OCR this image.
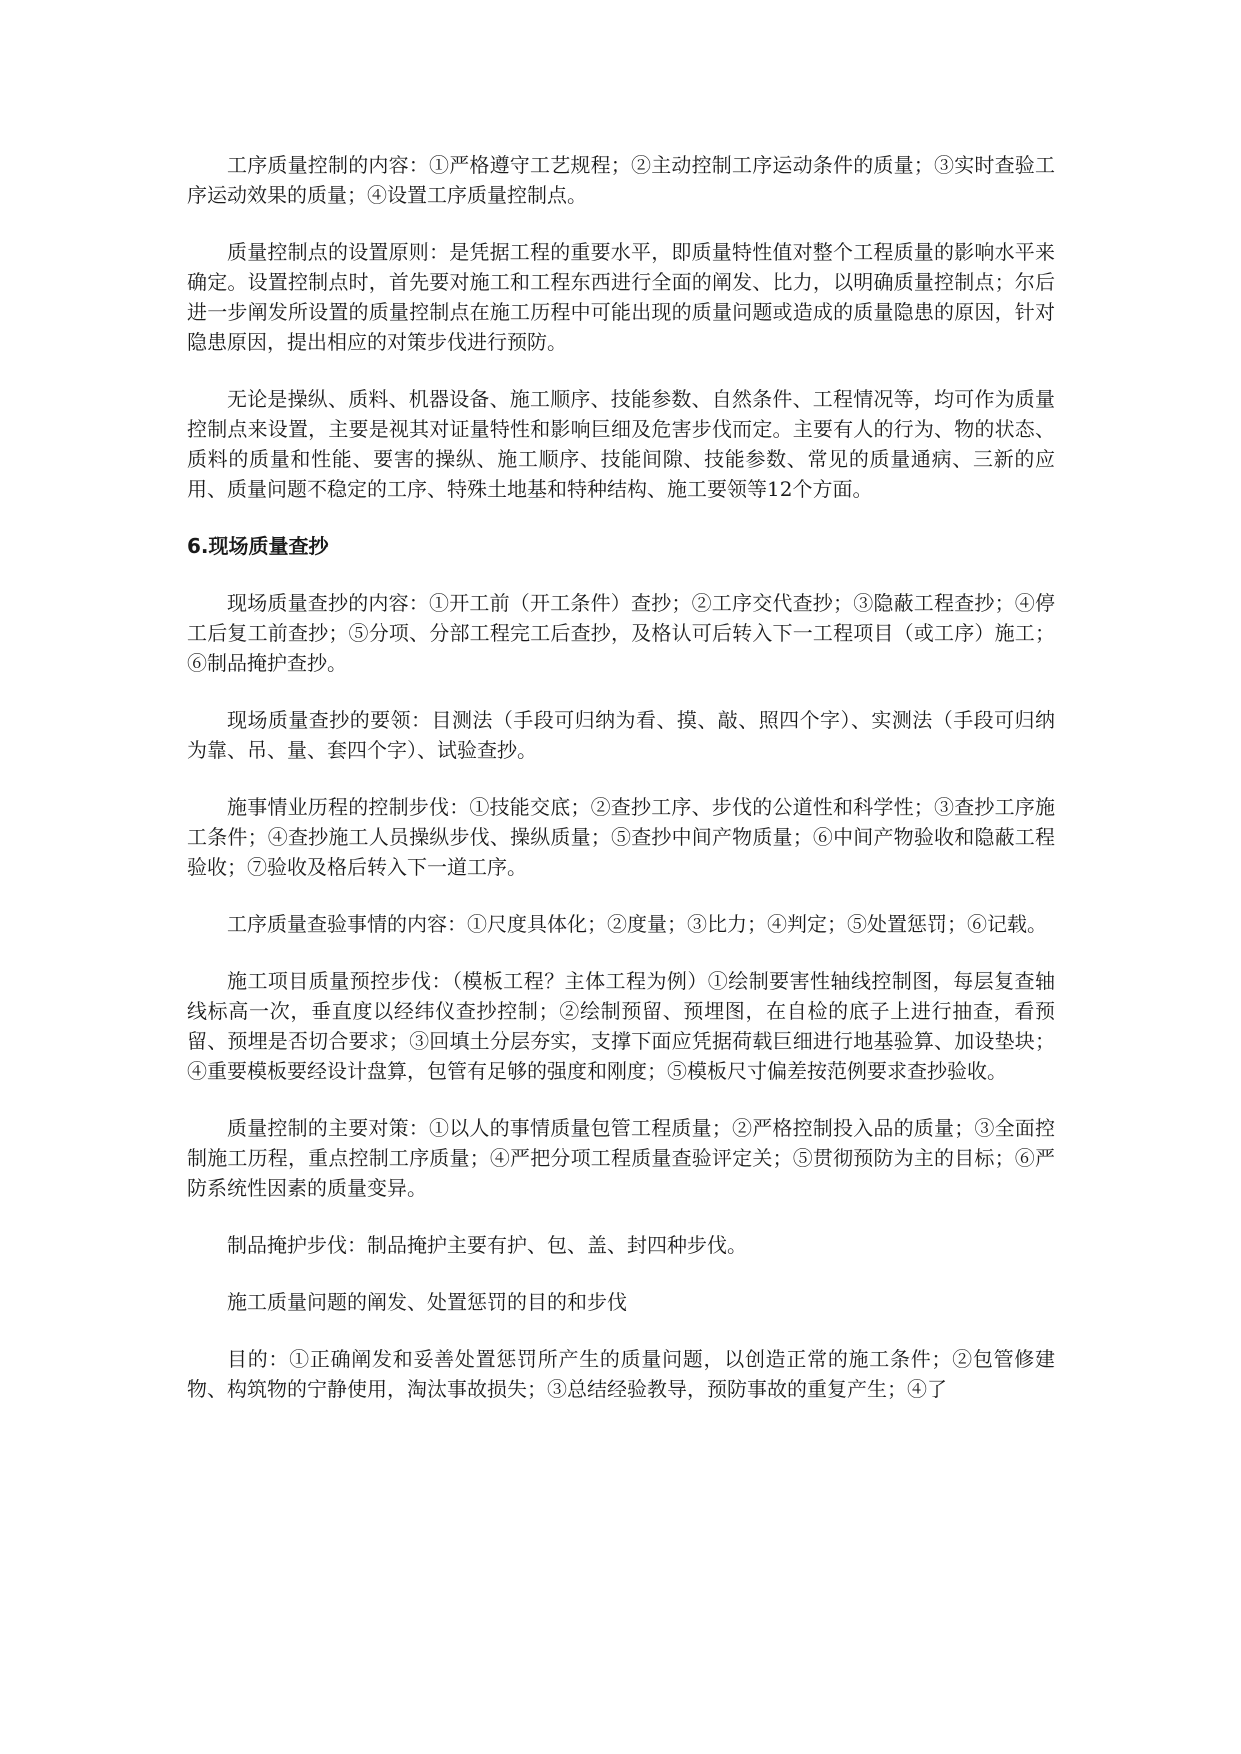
工序质量控制的内容：①严格遵守工艺规程；②主动控制工序运动条件的质量；③实时查验工序运动效果的质量；④设置工序质量控制点。

质量控制点的设置原则：是凭据工程的重要水平，即质量特性值对整个工程质量的影响水平来确定。设置控制点时，首先要对施工和工程东西进行全面的阐发、比力，以明确质量控制点；尔后进一步阐发所设置的质量控制点在施工历程中可能出现的质量问题或造成的质量隐患的原因，针对隐患原因，提出相应的对策步伐进行预防。

无论是操纵、质料、机器设备、施工顺序、技能参数、自然条件、工程情况等，均可作为质量控制点来设置，主要是视其对证量特性和影响巨细及危害步伐而定。主要有人的行为、物的状态、质料的质量和性能、要害的操纵、施工顺序、技能间隙、技能参数、常见的质量通病、三新的应用、质量问题不稳定的工序、特殊土地基和特种结构、施工要领等12个方面。

6.现场质量查抄

现场质量查抄的内容：①开工前（开工条件）查抄；②工序交代查抄；③隐蔽工程查抄；④停工后复工前查抄；⑤分项、分部工程完工后查抄，及格认可后转入下一工程项目（或工序）施工；⑥制品掩护查抄。

现场质量查抄的要领：目测法（手段可归纳为看、摸、敲、照四个字）、实测法（手段可归纳为靠、吊、量、套四个字）、试验查抄。

施事情业历程的控制步伐：①技能交底；②查抄工序、步伐的公道性和科学性；③查抄工序施工条件；④查抄施工人员操纵步伐、操纵质量；⑤查抄中间产物质量；⑥中间产物验收和隐蔽工程验收；⑦验收及格后转入下一道工序。

工序质量查验事情的内容：①尺度具体化；②度量；③比力；④判定；⑤处置惩罚；⑥记载。

施工项目质量预控步伐：（模板工程？主体工程为例）①绘制要害性轴线控制图，每层复查轴线标高一次，垂直度以经纬仪查抄控制；②绘制预留、预埋图，在自检的底子上进行抽查，看预留、预埋是否切合要求；③回填土分层夯实，支撑下面应凭据荷载巨细进行地基验算、加设垫块；④重要模板要经设计盘算，包管有足够的强度和刚度；⑤模板尺寸偏差按范例要求查抄验收。

质量控制的主要对策：①以人的事情质量包管工程质量；②严格控制投入品的质量；③全面控制施工历程，重点控制工序质量；④严把分项工程质量查验评定关；⑤贯彻预防为主的目标；⑥严防系统性因素的质量变异。

制品掩护步伐：制品掩护主要有护、包、盖、封四种步伐。

施工质量问题的阐发、处置惩罚的目的和步伐

目的：①正确阐发和妥善处置惩罚所产生的质量问题，以创造正常的施工条件；②包管修建物、构筑物的宁静使用，淘汰事故损失；③总结经验教导，预防事故的重复产生；④了
